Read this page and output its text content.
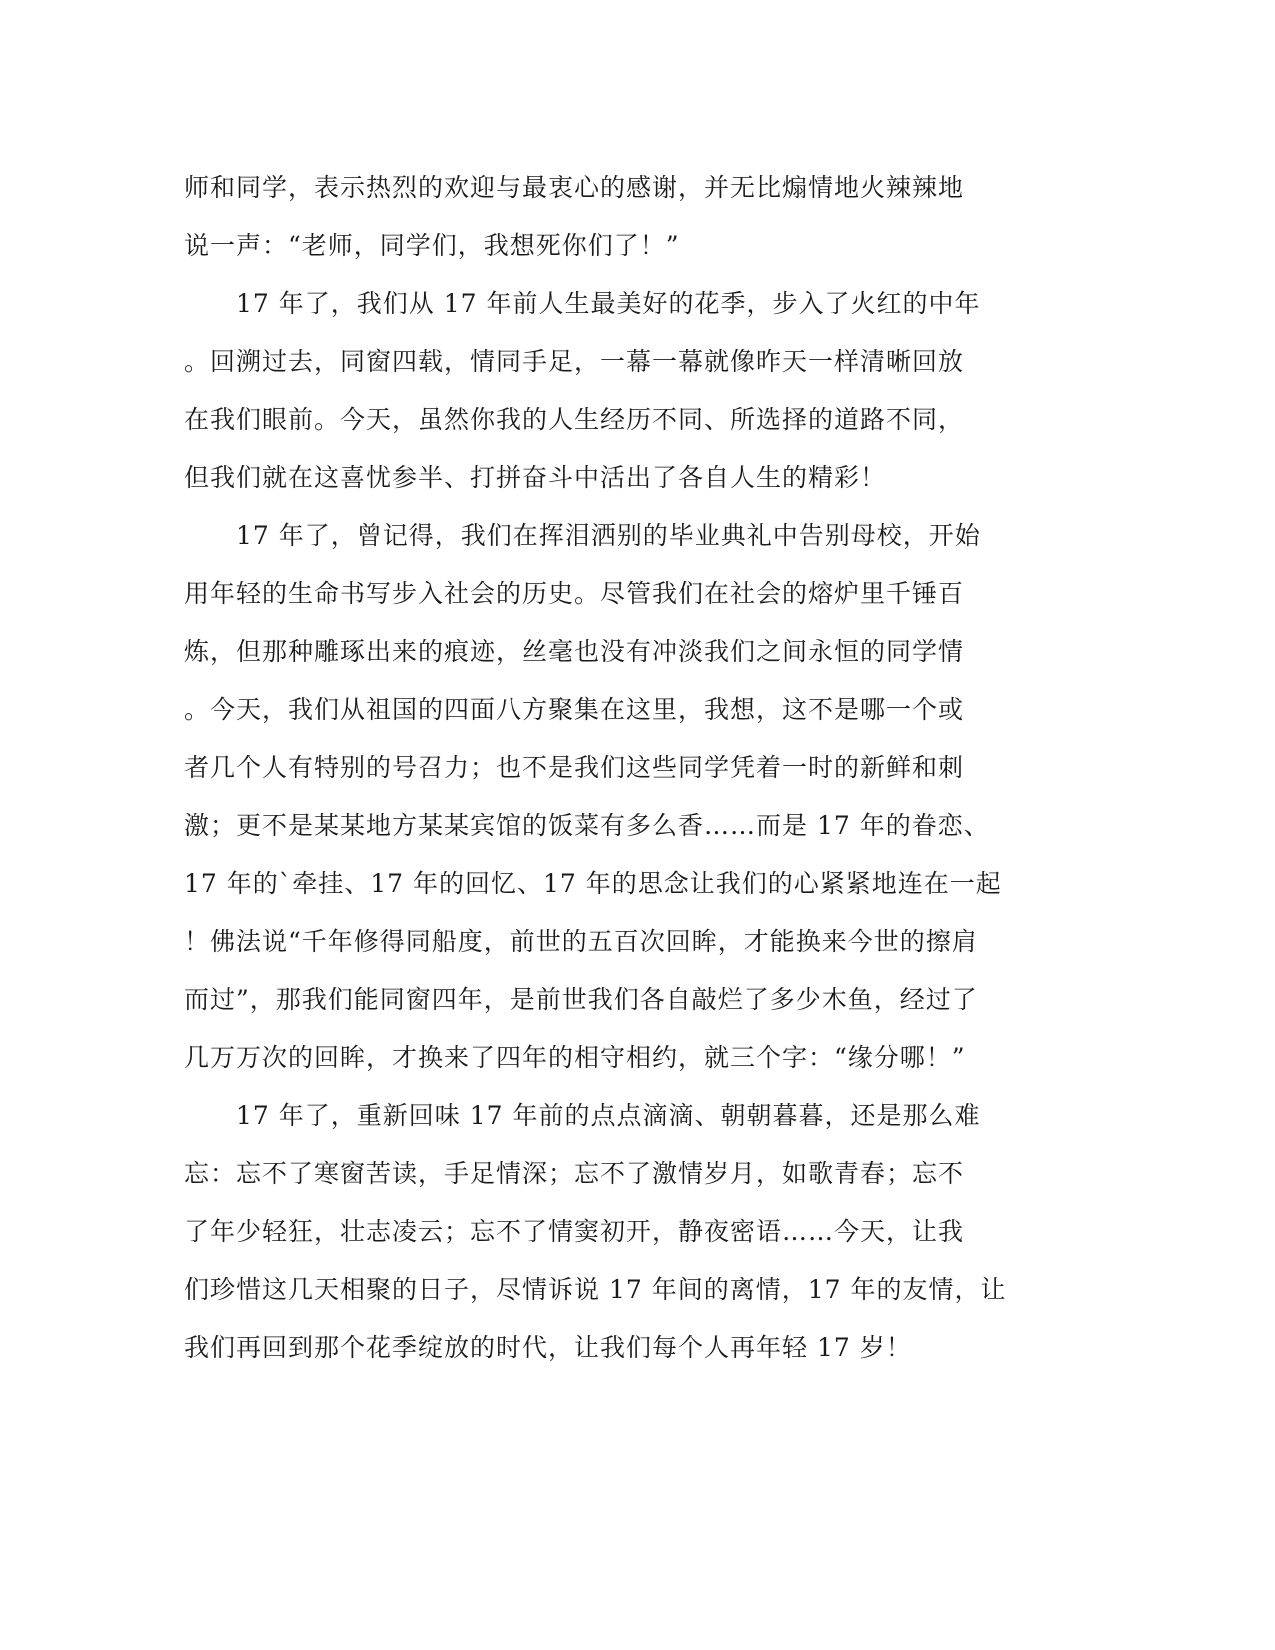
师和同学，表示热烈的欢迎与最衷心的感谢，并无比煽情地火辣辣地
说一声：“老师，同学们，我想死你们了！”
　　17 年了，我们从 17 年前人生最美好的花季，步入了火红的中年
。回溯过去，同窗四载，情同手足，一幕一幕就像昨天一样清晰回放
在我们眼前。今天，虽然你我的人生经历不同、所选择的道路不同，
但我们就在这喜忧参半、打拼奋斗中活出了各自人生的精彩！
　　17 年了，曾记得，我们在挥泪洒别的毕业典礼中告别母校，开始
用年轻的生命书写步入社会的历史。尽管我们在社会的熔炉里千锤百
炼，但那种雕琢出来的痕迹，丝毫也没有冲淡我们之间永恒的同学情
。今天，我们从祖国的四面八方聚集在这里，我想，这不是哪一个或
者几个人有特别的号召力；也不是我们这些同学凭着一时的新鲜和刺
激；更不是某某地方某某宾馆的饭菜有多么香……而是 17 年的眷恋、
17 年的`牵挂、17 年的回忆、17 年的思念让我们的心紧紧地连在一起
！佛法说“千年修得同船度，前世的五百次回眸，才能换来今世的擦肩
而过”，那我们能同窗四年，是前世我们各自敲烂了多少木鱼，经过了
几万万次的回眸，才换来了四年的相守相约，就三个字：“缘分哪！”
　　17 年了，重新回味 17 年前的点点滴滴、朝朝暮暮，还是那么难
忘：忘不了寒窗苦读，手足情深；忘不了激情岁月，如歌青春；忘不
了年少轻狂，壮志凌云；忘不了情窦初开，静夜密语……今天，让我
们珍惜这几天相聚的日子，尽情诉说 17 年间的离情，17 年的友情，让
我们再回到那个花季绽放的时代，让我们每个人再年轻 17 岁！
